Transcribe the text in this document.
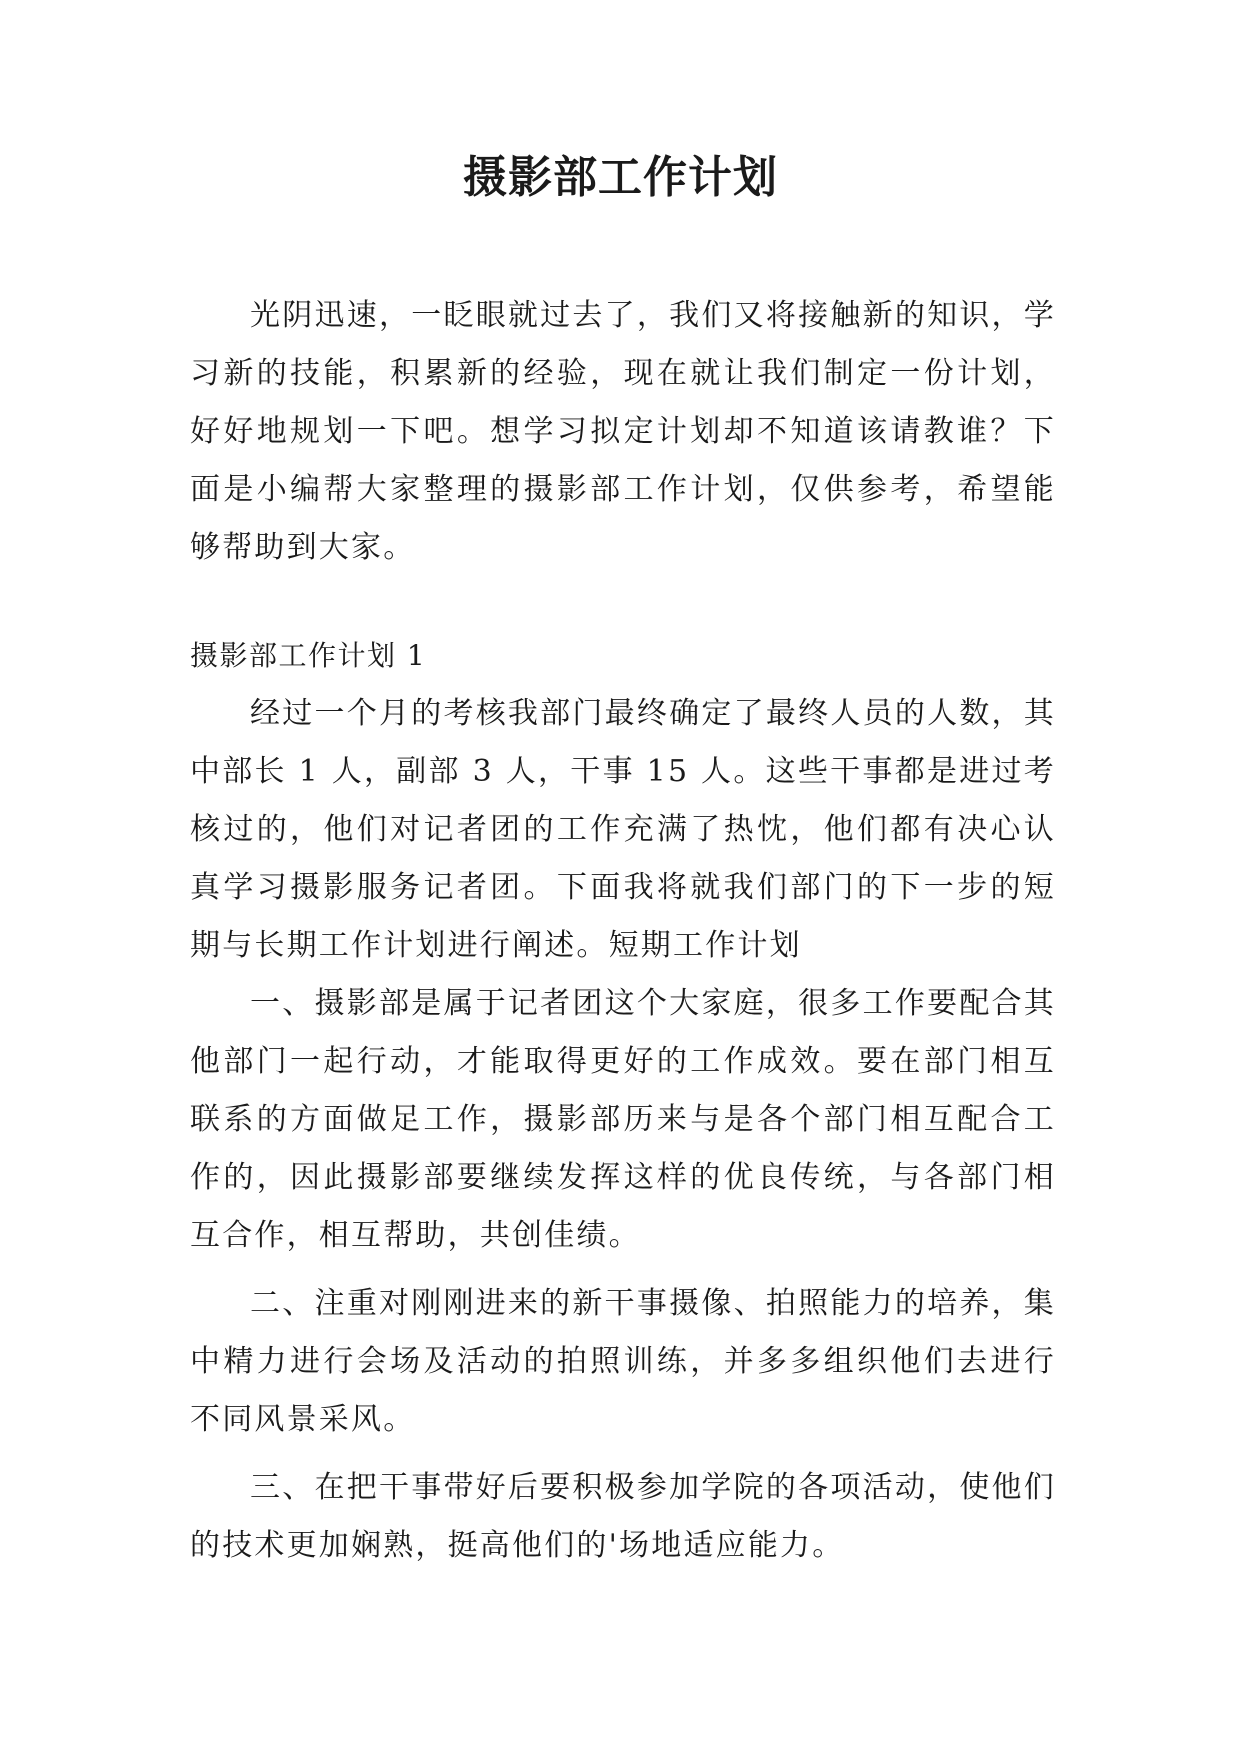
摄影部工作计划

光阴迅速，一眨眼就过去了，我们又将接触新的知识，学习新的技能，积累新的经验，现在就让我们制定一份计划，好好地规划一下吧。想学习拟定计划却不知道该请教谁？下面是小编帮大家整理的摄影部工作计划，仅供参考，希望能够帮助到大家。

摄影部工作计划 1

经过一个月的考核我部门最终确定了最终人员的人数，其中部长 1 人，副部 3 人，干事 15 人。这些干事都是进过考核过的，他们对记者团的工作充满了热忱，他们都有决心认真学习摄影服务记者团。下面我将就我们部门的下一步的短期与长期工作计划进行阐述。短期工作计划

一、摄影部是属于记者团这个大家庭，很多工作要配合其他部门一起行动，才能取得更好的工作成效。要在部门相互联系的方面做足工作，摄影部历来与是各个部门相互配合工作的，因此摄影部要继续发挥这样的优良传统，与各部门相互合作，相互帮助，共创佳绩。

二、注重对刚刚进来的新干事摄像、拍照能力的培养，集中精力进行会场及活动的拍照训练，并多多组织他们去进行不同风景采风。

三、在把干事带好后要积极参加学院的各项活动，使他们的技术更加娴熟，挺高他们的'场地适应能力。
